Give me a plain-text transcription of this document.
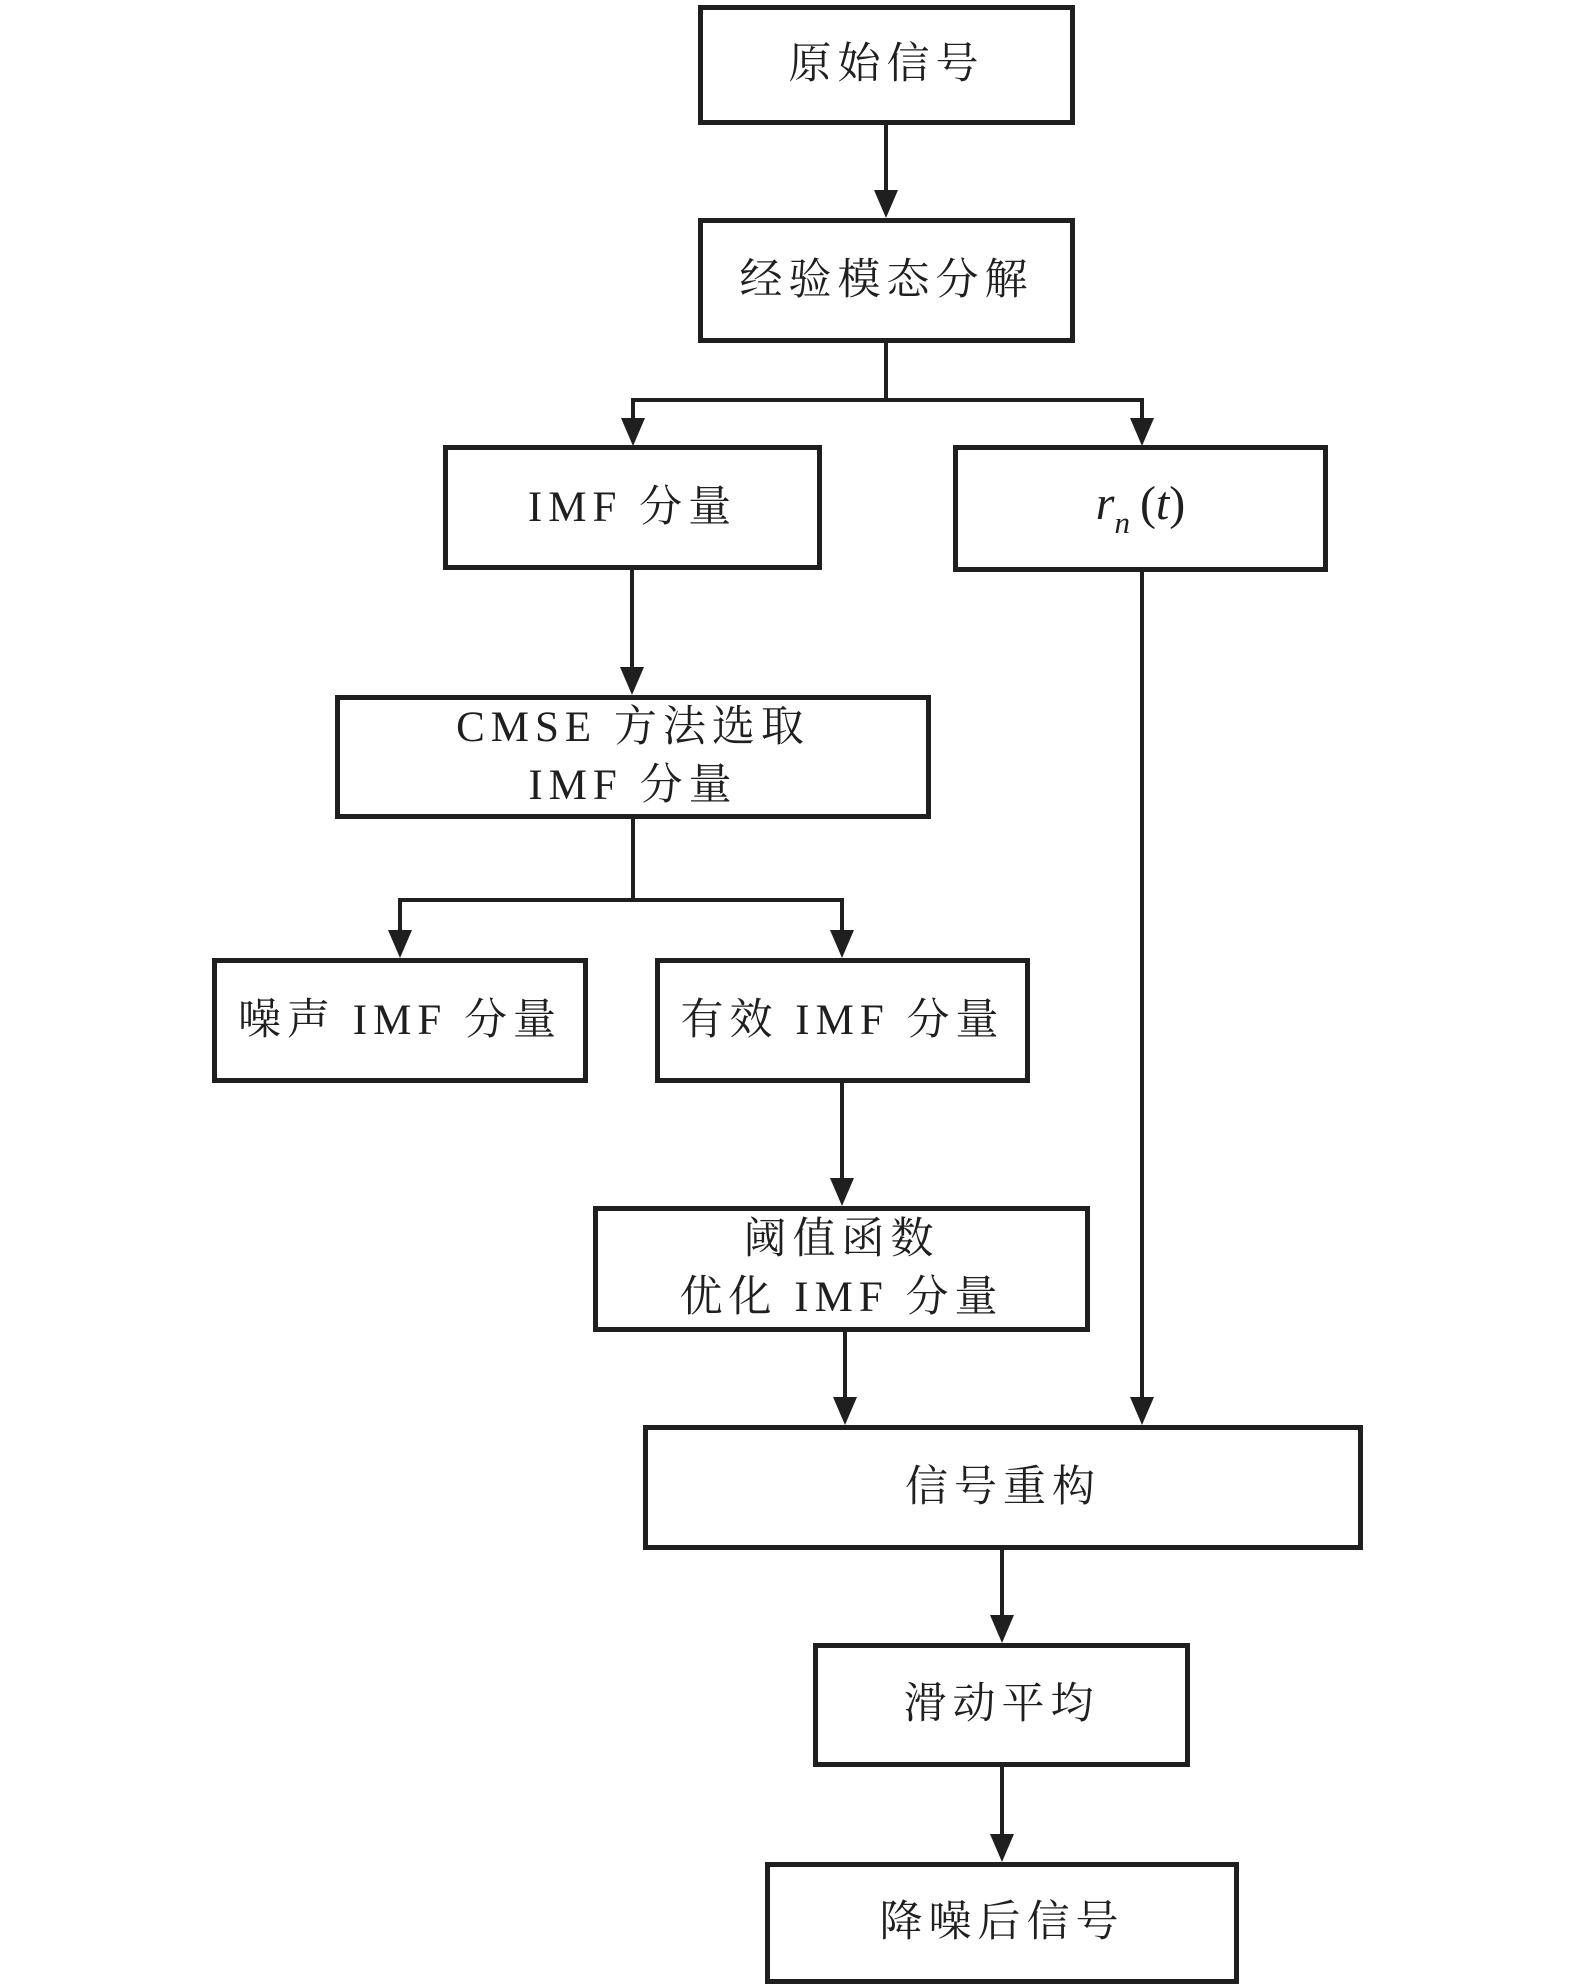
原始信号
经验模态分解
IMF 分量	$r_n$ (t)
CMSE 方法选取
IMF 分量
噪声 IMF 分量	有效 IMF 分量
阈值函数
优化 IMF 分量
信号重构
滑动平均
降噪后信号
